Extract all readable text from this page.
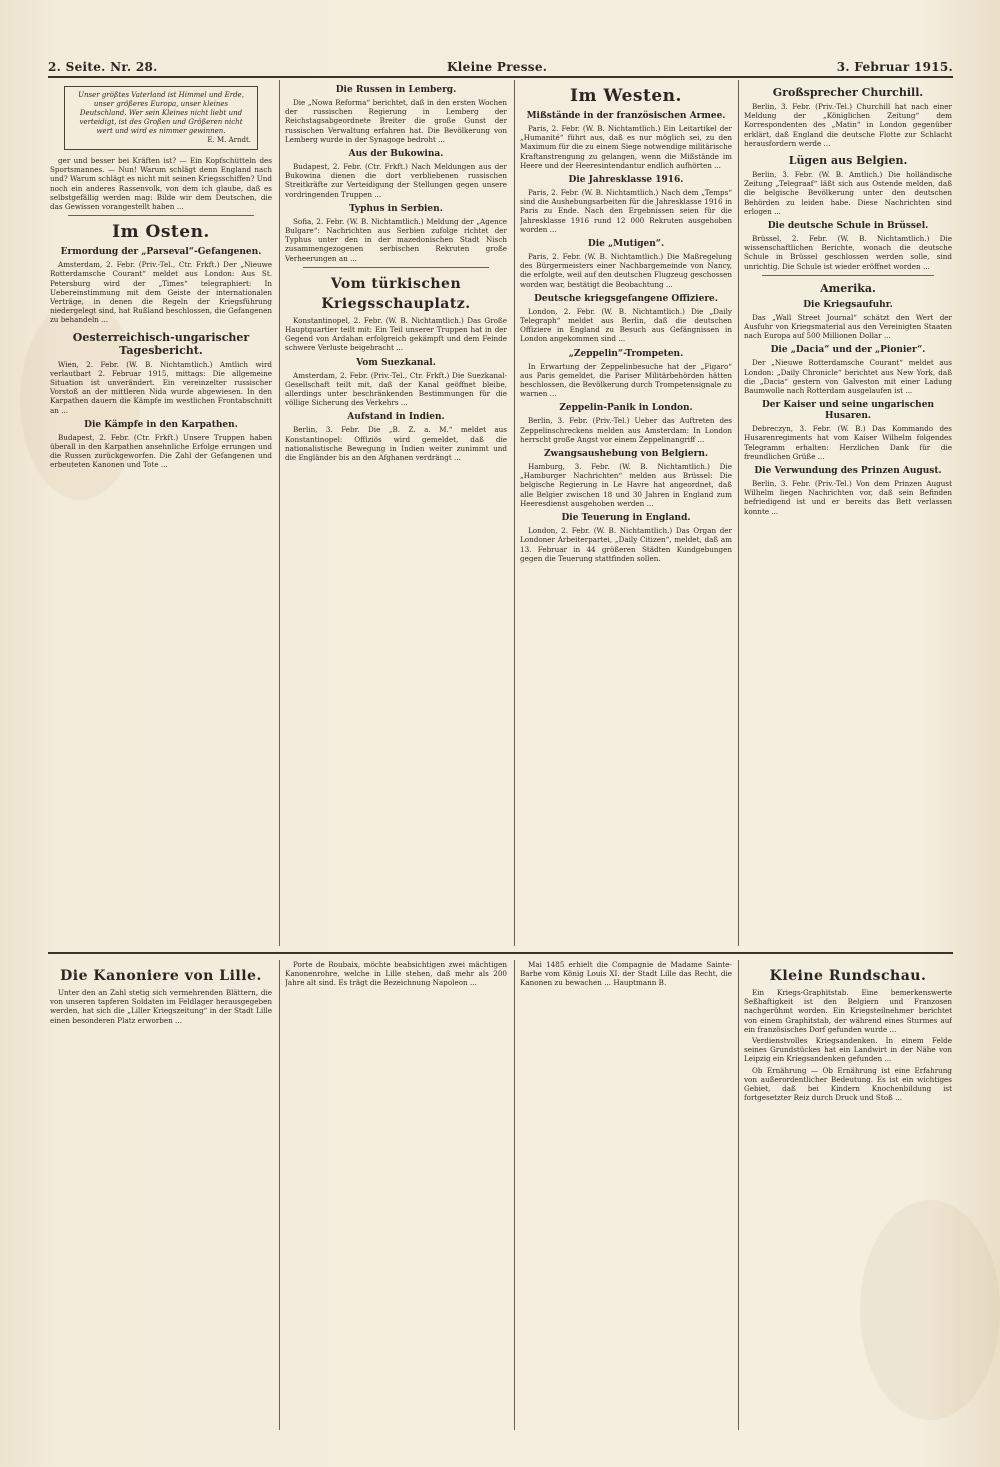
2. Seite. Nr. 28.	Kleine Presse.	3. Februar 1915.
Unser größtes Vaterland ist Himmel und Erde, unser größeres Europa, unser kleines Deutschland. Wer sein Kleines nicht liebt und verteidigt, ist des Großen und Größeren nicht wert und wird es nimmer gewinnen.
E. M. Arndt.

ger und besser bei Kräften ist? — Ein Kopfschütteln des Sportsmannes. — Nun! Warum schlägt denn England nach und? Warum schlägt es nicht mit seinen Kriegsschiffen? Und noch ein anderes Rassenvolk, von dem ich glaube, daß es selbstgefällig werden mag: Bilde wir dem Deutschen, die das Gewissen vorangestellt haben ...

Im Osten.
Ermordung der „Parseval“-Gefangenen.

Amsterdam, 2. Febr. (Priv.-Tel., Ctr. Frkft.) Der „Nieuwe Rotterdamsche Courant“ meldet aus London: Aus St. Petersburg wird der „Times“ telegraphiert: In Uebereinstimmung mit dem Geiste der internationalen Verträge, in denen die Regeln der Kriegsführung niedergelegt sind, hat Rußland beschlossen, die Gefangenen zu behandeln ...

Oesterreichisch-ungarischer Tagesbericht.

Wien, 2. Febr. (W. B. Nichtamtlich.) Amtlich wird verlautbart 2. Februar 1915, mittags: Die allgemeine Situation ist unverändert. Ein vereinzelter russischer Vorstoß an der mittleren Nida wurde abgewiesen. In den Karpathen dauern die Kämpfe im westlichen Frontabschnitt an ...

Die Kämpfe in den Karpathen.

Budapest, 2. Febr. (Ctr. Frkft.) Unsere Truppen haben überall in den Karpathen ansehnliche Erfolge errungen und die Russen zurückgeworfen. Die Zahl der Gefangenen und erbeuteten Kanonen und Tote ...

Die Russen in Lemberg.

Die „Nowa Reforma“ berichtet, daß in den ersten Wochen der russischen Regierung in Lemberg der Reichstagsabgeordnete Breiter die große Gunst der russischen Verwaltung erfahren hat. Die Bevölkerung von Lemberg wurde in der Synagoge bedroht ...

Aus der Bukowina.

Budapest, 2. Febr. (Ctr. Frkft.) Nach Meldungen aus der Bukowina dienen die dort verbliebenen russischen Streitkräfte zur Verteidigung der Stellungen gegen unsere vordringenden Truppen ...

Typhus in Serbien.

Sofia, 2. Febr. (W. B. Nichtamtlich.) Meldung der „Agence Bulgare“: Nachrichten aus Serbien zufolge richtet der Typhus unter den in der mazedonischen Stadt Nisch zusammengezogenen serbischen Rekruten große Verheerungen an ...

Vom türkischen Kriegsschauplatz.

Konstantinopel, 2. Febr. (W. B. Nichtamtlich.) Das Große Hauptquartier teilt mit: Ein Teil unserer Truppen hat in der Gegend von Ardahan erfolgreich gekämpft und dem Feinde schwere Verluste beigebracht ...

Vom Suezkanal.

Amsterdam, 2. Febr. (Priv.-Tel., Ctr. Frkft.) Die Suezkanal-Gesellschaft teilt mit, daß der Kanal geöffnet bleibe, allerdings unter beschränkenden Bestimmungen für die völlige Sicherung des Verkehrs ...

Aufstand in Indien.

Berlin, 3. Febr. Die „B. Z. a. M.“ meldet aus Konstantinopel: Offiziös wird gemeldet, daß die nationalistische Bewegung in Indien weiter zunimmt und die Engländer bis an den Afghanen verdrängt ...

Im Westen.
Mißstände in der französischen Armee.

Paris, 2. Febr. (W. B. Nichtamtlich.) Ein Leitartikel der „Humanité“ führt aus, daß es nur möglich sei, zu den Maximum für die zu einem Siege notwendige militärische Kraftanstrengung zu gelangen, wenn die Mißstände im Heere und der Heeresintendantur endlich aufhörten ...

Die Jahresklasse 1916.

Paris, 2. Febr. (W. B. Nichtamtlich.) Nach dem „Temps“ sind die Aushebungsarbeiten für die Jahresklasse 1916 in Paris zu Ende. Nach den Ergebnissen seien für die Jahresklasse 1916 rund 12 000 Rekruten ausgehoben worden ...

Die „Mutigen“.

Paris, 2. Febr. (W. B. Nichtamtlich.) Die Maßregelung des Bürgermeisters einer Nachbargemeinde von Nancy, die erfolgte, weil auf den deutschen Flugzeug geschossen worden war, bestätigt die Beobachtung ...

Deutsche kriegsgefangene Offiziere.

London, 2. Febr. (W. B. Nichtamtlich.) Die „Daily Telegraph“ meldet aus Berlin, daß die deutschen Offiziere in England zu Besuch aus Gefängnissen in London angekommen sind ...

„Zeppelin“-Trompeten.

In Erwartung der Zeppelinbesuche hat der „Figaro“ aus Paris gemeldet, die Pariser Militärbehörden hätten beschlossen, die Bevölkerung durch Trompetensignale zu warnen ...

Zeppelin-Panik in London.

Berlin, 3. Febr. (Priv.-Tel.) Ueber das Auftreten des Zeppelinschreckens melden aus Amsterdam: In London herrscht große Angst vor einem Zeppelinangriff ...

Zwangsaushebung von Belgiern.

Hamburg, 3. Febr. (W. B. Nichtamtlich.) Die „Hamburger Nachrichten“ melden aus Brüssel: Die belgische Regierung in Le Havre hat angeordnet, daß alle Belgier zwischen 18 und 30 Jahren in England zum Heeresdienst ausgehoben werden ...

Die Teuerung in England.

London, 2. Febr. (W. B. Nichtamtlich.) Das Organ der Londoner Arbeiterpartei, „Daily Citizen“, meldet, daß am 13. Februar in 44 größeren Städten Kundgebungen gegen die Teuerung stattfinden sollen.

Großsprecher Churchill.

Berlin, 3. Febr. (Priv.-Tel.) Churchill hat nach einer Meldung der „Königlichen Zeitung“ dem Korrespondenten des „Matin“ in London gegenüber erklärt, daß England die deutsche Flotte zur Schlacht herausfordern werde ...

Lügen aus Belgien.

Berlin, 3. Febr. (W. B. Amtlich.) Die holländische Zeitung „Telegraaf“ läßt sich aus Ostende melden, daß die belgische Bevölkerung unter den deutschen Behörden zu leiden habe. Diese Nachrichten sind erlogen ...

Die deutsche Schule in Brüssel.

Brüssel, 2. Febr. (W. B. Nichtamtlich.) Die wissenschaftlichen Berichte, wonach die deutsche Schule in Brüssel geschlossen werden solle, sind unrichtig. Die Schule ist wieder eröffnet worden ...

Amerika.
Die Kriegsaufuhr.

Das „Wall Street Journal“ schätzt den Wert der Ausfuhr von Kriegsmaterial aus den Vereinigten Staaten nach Europa auf 500 Millionen Dollar ...

Die „Dacia“ und der „Pionier“.

Der „Nieuwe Rotterdamsche Courant“ meldet aus London: „Daily Chronicle“ berichtet aus New York, daß die „Dacia“ gestern von Galveston mit einer Ladung Baumwolle nach Rotterdam ausgelaufen ist ...

Der Kaiser und seine ungarischen Husaren.

Debreczyn, 3. Febr. (W. B.) Das Kommando des Husarenregiments hat vom Kaiser Wilhelm folgendes Telegramm erhalten: Herzlichen Dank für die freundlichen Grüße ...

Die Verwundung des Prinzen August.

Berlin, 3. Febr. (Priv.-Tel.) Von dem Prinzen August Wilhelm liegen Nachrichten vor, daß sein Befinden befriedigend ist und er bereits das Bett verlassen konnte ...

Die Kanoniere von Lille.

Unter den an Zahl stetig sich vermehrenden Blättern, die von unseren tapferen Soldaten im Feldlager herausgegeben werden, hat sich die „Liller Kriegszeitung“ in der Stadt Lille einen besonderen Platz erworben ...

Porte de Roubaix, möchte beabsichtigen zwei mächtigen Kanonenrohre, welche in Lille stehen, daß mehr als 200 Jahre alt sind. Es trägt die Bezeichnung Napoleon ...

Mai 1485 erhielt die Compagnie de Madame Sainte-Barbe vom König Louis XI. der Stadt Lille das Recht, die Kanonen zu bewachen ... Hauptmann B.	Kleine Rundschau.

Ein Kriegs-Graphitstab. Eine bemerkenswerte Seßhaftigkeit ist den Belgiern und Franzosen nachgerühmt worden. Ein Kriegsteilnehmer berichtet von einem Graphitstab, der während eines Sturmes auf ein französisches Dorf gefunden wurde ...

Verdienstvolles Kriegsandenken. In einem Felde seines Grundstückes hat ein Landwirt in der Nähe von Leipzig ein Kriegsandenken gefunden ...

Ob Ernährung — Ob Ernährung ist eine Erfahrung von außerordentlicher Bedeutung. Es ist ein wichtiges Gebiet, daß bei Kindern Knochenbildung ist fortgesetzter Reiz durch Druck und Stoß ...
